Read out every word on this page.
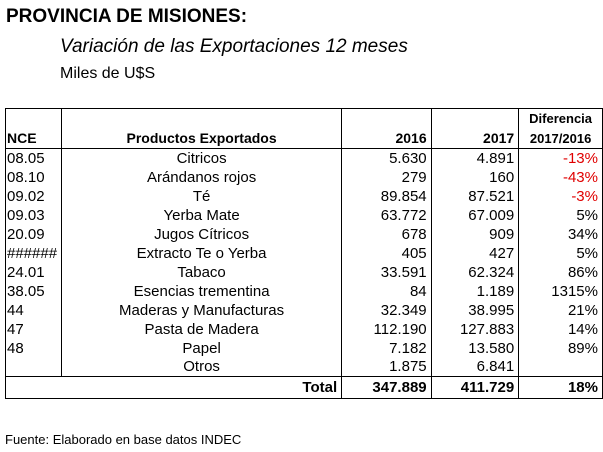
PROVINCIA DE MISIONES:
Variación de las Exportaciones 12 meses
Miles de U$S
				Diferencia
NCE	Productos Exportados	2016	2017	2017/2016
08.05	Citricos	5.630	4.891	-13%
08.10	Arándanos rojos	279	160	-43%
09.02	Té	89.854	87.521	-3%
09.03	Yerba Mate	63.772	67.009	5%
20.09	Jugos Cítricos	678	909	34%
######	Extracto Te o Yerba	405	427	5%
24.01	Tabaco	33.591	62.324	86%
38.05	Esencias trementina	84	1.189	1315%
44	Maderas y Manufacturas	32.349	38.995	21%
47	Pasta de Madera	112.190	127.883	14%
48	Papel	7.182	13.580	89%
	Otros	1.875	6.841	
	Total	347.889	411.729	18%
Fuente: Elaborado en base datos INDEC
